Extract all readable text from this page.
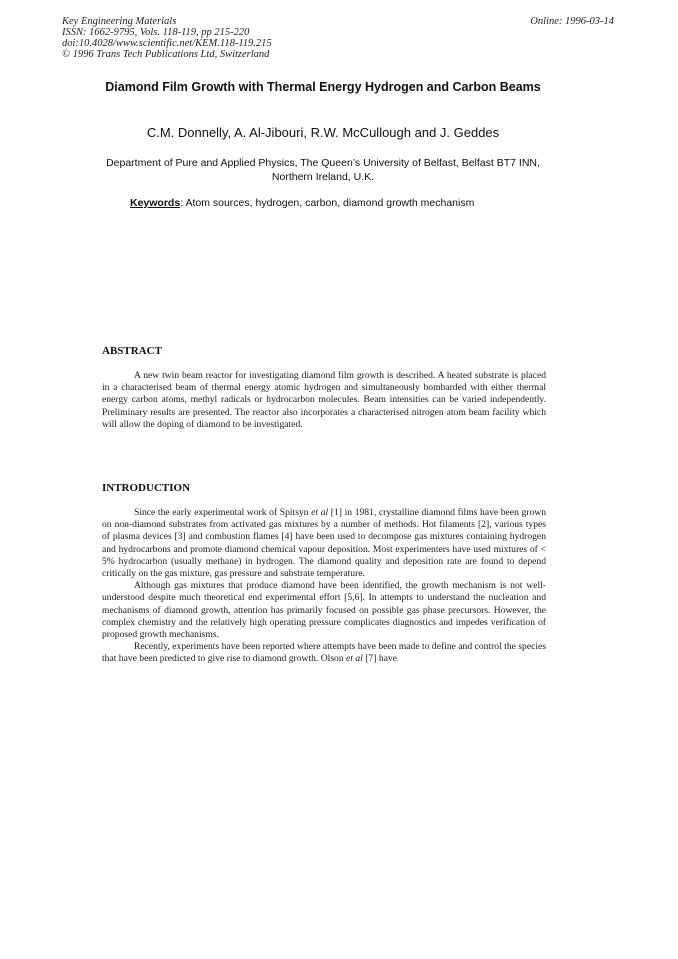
Key Engineering Materials
ISSN: 1662-9795, Vols. 118-119, pp 215-220
doi:10.4028/www.scientific.net/KEM.118-119.215
© 1996 Trans Tech Publications Ltd, Switzerland
Online: 1996-03-14
Diamond Film Growth with Thermal Energy Hydrogen and Carbon Beams
C.M. Donnelly, A. Al-Jibouri, R.W. McCullough and J. Geddes
Department of Pure and Applied Physics, The Queen’s University of Belfast, Belfast BT7 INN, Northern Ireland, U.K.
Keywords: Atom sources, hydrogen, carbon, diamond growth mechanism
ABSTRACT

A new twin beam reactor for investigating diamond film growth is described. A heated substrate is placed in a characterised beam of thermal energy atomic hydrogen and simultaneously bombarded with either thermal energy carbon atoms, methyl radicals or hydrocarbon molecules. Beam intensities can be varied independently. Preliminary results are presented. The reactor also incorporates a characterised nitrogen atom beam facility which will allow the doping of diamond to be investigated.

INTRODUCTION

Since the early experimental work of Spitsyn et al [1] in 1981, crystalline diamond films have been grown on non-diamond substrates from activated gas mixtures by a number of methods. Hot filaments [2], various types of plasma devices [3] and combustion flames [4] have been used to decompose gas mixtures containing hydrogen and hydrocarbons and promote diamond chemical vapour deposition. Most experimenters have used mixtures of < 5% hydrocarbon (usually methane) in hydrogen. The diamond quality and deposition rate are found to depend critically on the gas mixture, gas pressure and substrate temperature.

Although gas mixtures that produce diamond have been identified, the growth mechanism is not well-understood despite much theoretical end experimental effort [5,6]. In attempts to understand the nucleation and mechanisms of diamond growth, attention has primarily focused on possible gas phase precursors. However, the complex chemistry and the relatively high operating pressure complicates diagnostics and impedes verification of proposed growth mechanisms.

Recently, experiments have been reported where attempts have been made to define and control the species that have been predicted to give rise to diamond growth. Olson et al [7] have
